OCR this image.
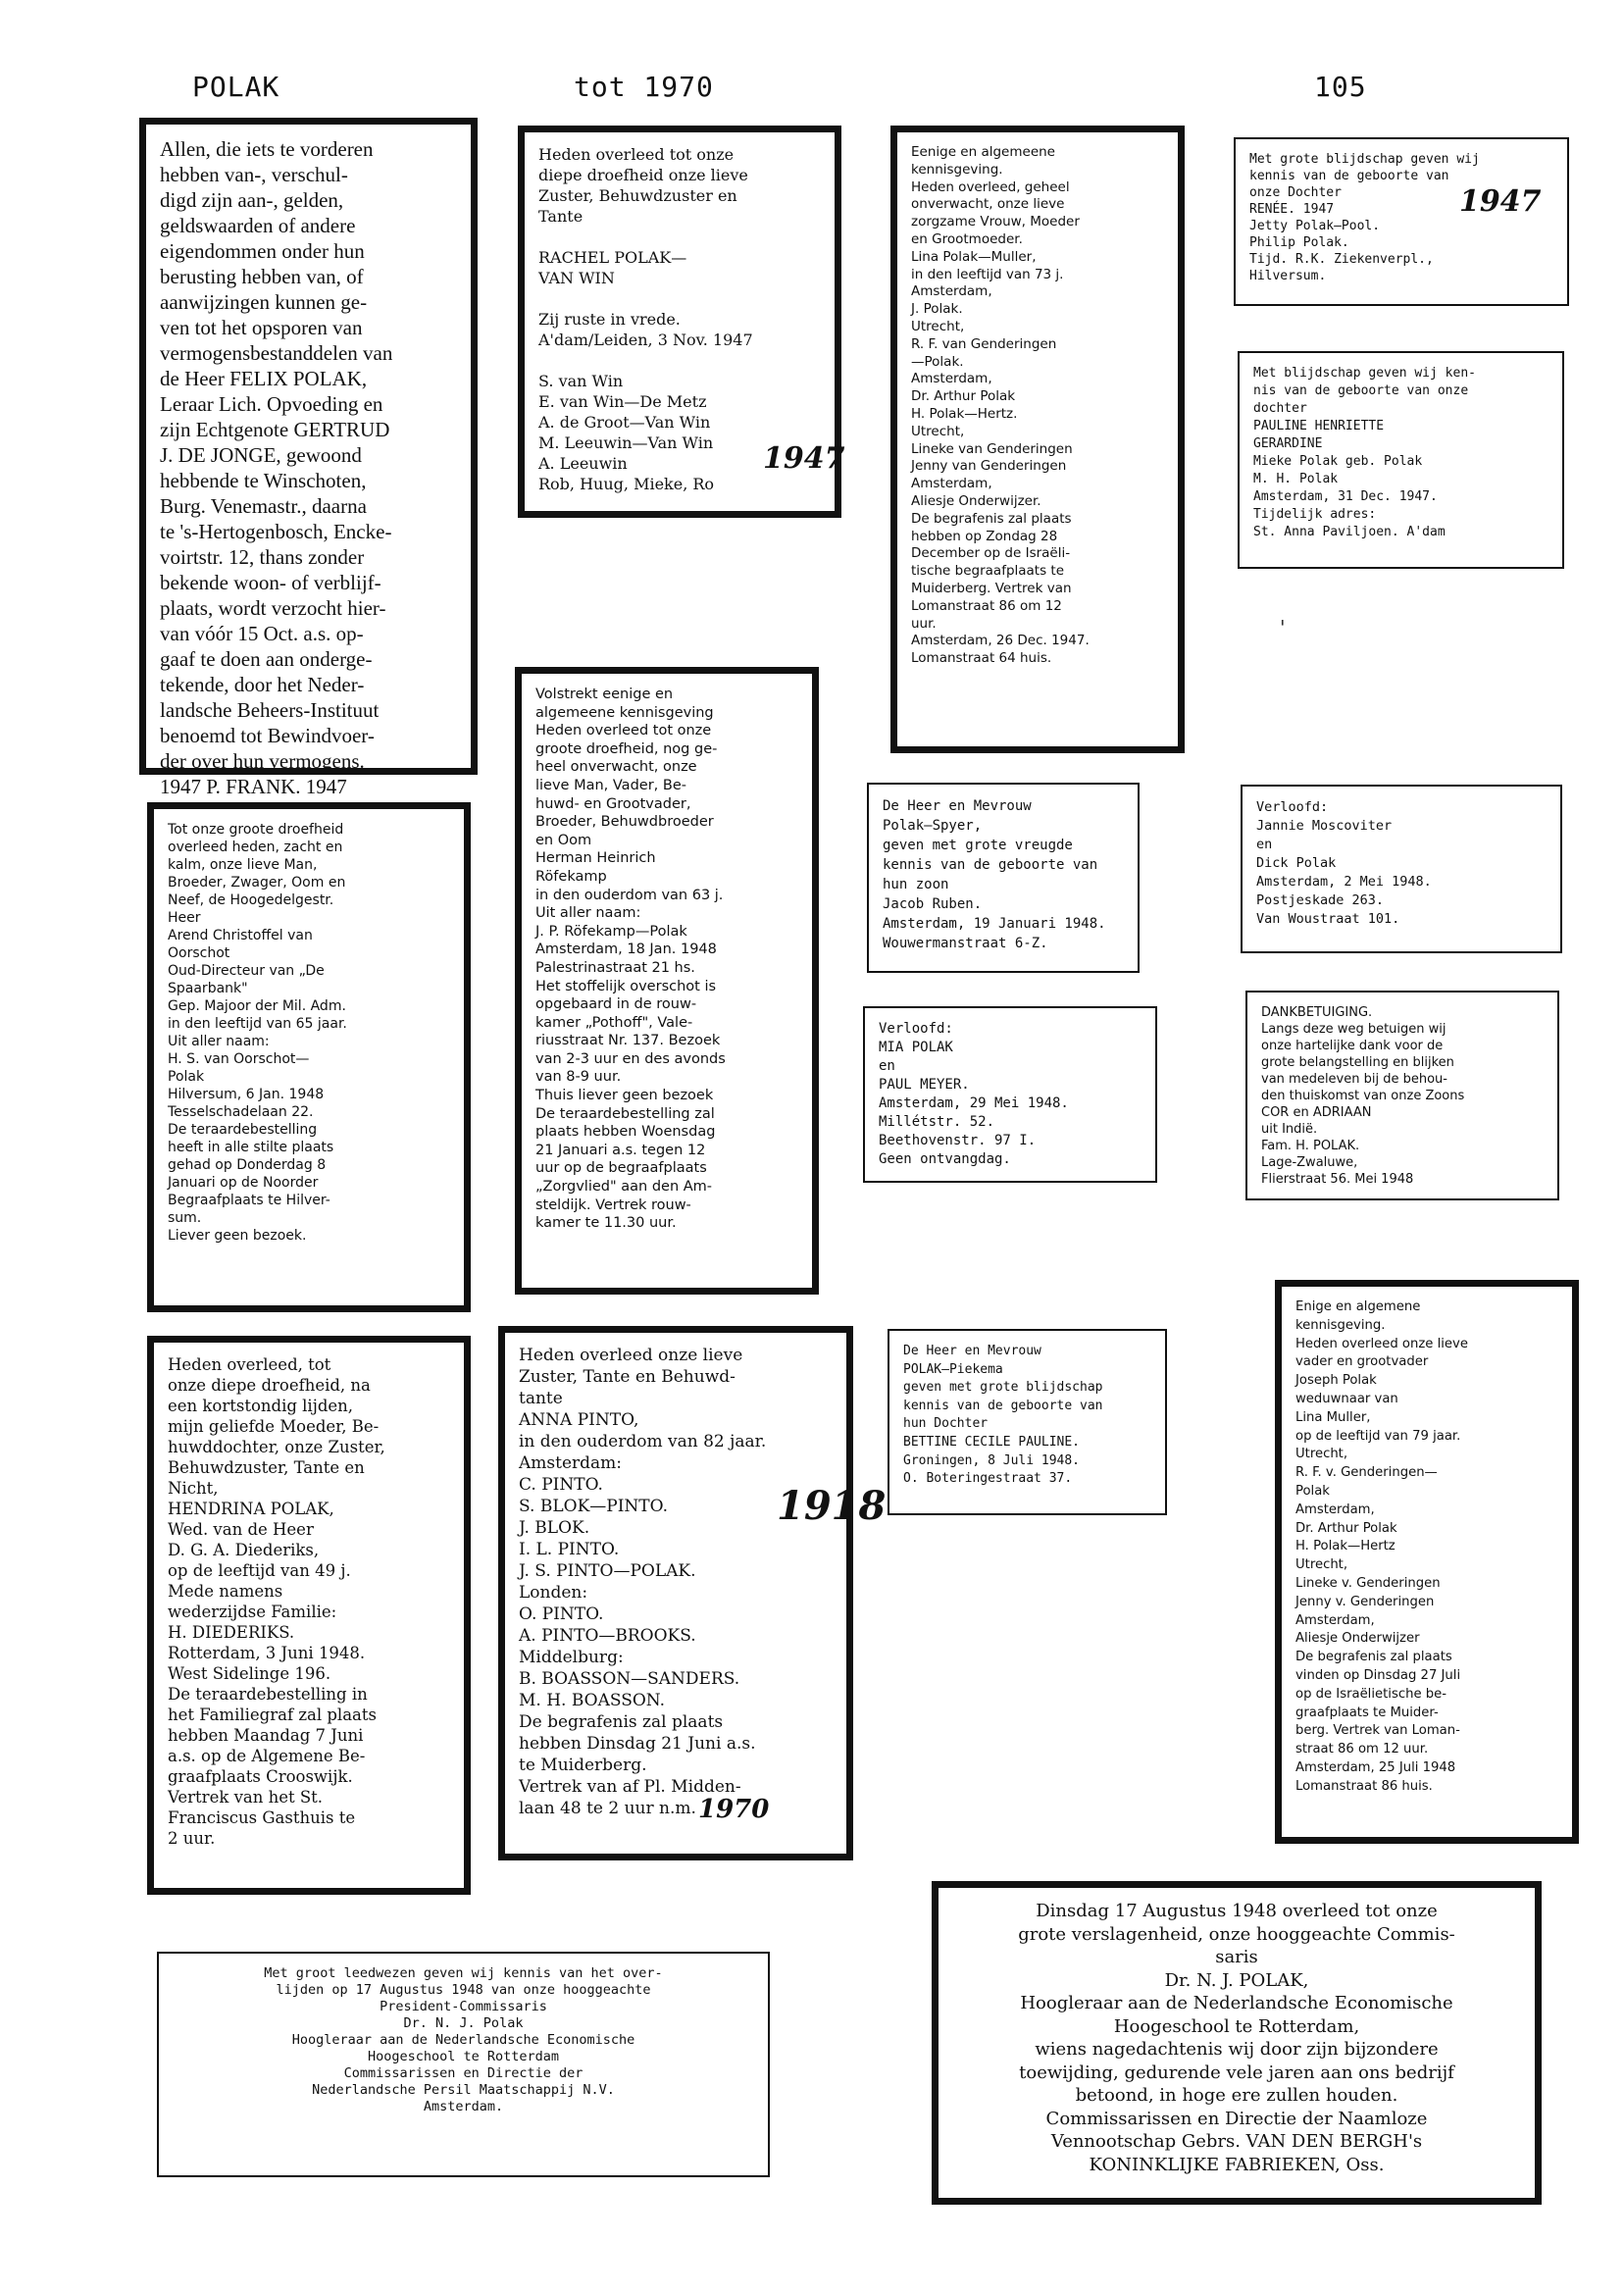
POLAK	tot 1970	105
Allen, die iets te vorderen
hebben van-, verschul-
digd zijn aan-, gelden,
geldswaarden of andere
eigendommen onder hun
berusting hebben van, of
aanwijzingen kunnen ge-
ven tot het opsporen van
vermogensbestanddelen van
de Heer FELIX POLAK,
Leraar Lich. Opvoeding en
zijn Echtgenote GERTRUD
J. DE JONGE, gewoond
hebbende te Winschoten,
Burg. Venemastr., daarna
te 's-Hertogenbosch, Encke-
voirtstr. 12, thans zonder
bekende woon- of verblijf-
plaats, wordt verzocht hier-
van vóór 15 Oct. a.s. op-
gaaf te doen aan onderge-
tekende, door het Neder-
landsche Beheers-Instituut
benoemd tot Bewindvoer-
der over hun vermogens.
1947 P. FRANK. 1947
Tot onze groote droefheid
overleed heden, zacht en
kalm, onze lieve Man,
Broeder, Zwager, Oom en
Neef, de Hoogedelgestr.
Heer
Arend Christoffel van
Oorschot
Oud-Directeur van „De
Spaarbank"
Gep. Majoor der Mil. Adm.
in den leeftijd van 65 jaar.
Uit aller naam:
H. S. van Oorschot—
Polak
Hilversum, 6 Jan. 1948
Tesselschadelaan 22.
De teraardebestelling
heeft in alle stilte plaats
gehad op Donderdag 8
Januari op de Noorder
Begraafplaats te Hilver-
sum.
Liever geen bezoek.
Heden overleed, tot
onze diepe droefheid, na
een kortstondig lijden,
mijn geliefde Moeder, Be-
huwddochter, onze Zuster,
Behuwdzuster, Tante en
Nicht,
HENDRINA POLAK,
Wed. van de Heer
D. G. A. Diederiks,
op de leeftijd van 49 j.
Mede namens
wederzijdse Familie:
H. DIEDERIKS.
Rotterdam, 3 Juni 1948.
West Sidelinge 196.
De teraardebestelling in
het Familiegraf zal plaats
hebben Maandag 7 Juni
a.s. op de Algemene Be-
graafplaats Crooswijk.
Vertrek van het St.
Franciscus Gasthuis te
2 uur.
Heden overleed tot onze
diepe droefheid onze lieve
Zuster, Behuwdzuster en
Tante

RACHEL POLAK—
VAN WIN

Zij ruste in vrede.
A'dam/Leiden, 3 Nov. 1947

S. van Win
E. van Win—De Metz
A. de Groot—Van Win
M. Leeuwin—Van Win
A. Leeuwin
Rob, Huug, Mieke, Ro
Volstrekt eenige en
algemeene kennisgeving
Heden overleed tot onze
groote droefheid, nog ge-
heel onverwacht, onze
lieve Man, Vader, Be-
huwd- en Grootvader,
Broeder, Behuwdbroeder
en Oom
Herman Heinrich
Röfekamp
in den ouderdom van 63 j.
Uit aller naam:
J. P. Röfekamp—Polak
Amsterdam, 18 Jan. 1948
Palestrinastraat 21 hs.
Het stoffelijk overschot is
opgebaard in de rouw-
kamer „Pothoff", Vale-
riusstraat Nr. 137. Bezoek
van 2-3 uur en des avonds
van 8-9 uur.
Thuis liever geen bezoek
De teraardebestelling zal
plaats hebben Woensdag
21 Januari a.s. tegen 12
uur op de begraafplaats
„Zorgvlied" aan den Am-
steldijk. Vertrek rouw-
kamer te 11.30 uur.
Heden overleed onze lieve
Zuster, Tante en Behuwd-
tante
ANNA PINTO,
in den ouderdom van 82 jaar.
Amsterdam:
C. PINTO.
S. BLOK—PINTO.
J. BLOK.
I. L. PINTO.
J. S. PINTO—POLAK.
Londen:
O. PINTO.
A. PINTO—BROOKS.
Middelburg:
B. BOASSON—SANDERS.
M. H. BOASSON.
De begrafenis zal plaats
hebben Dinsdag 21 Juni a.s.
te Muiderberg.
Vertrek van af Pl. Midden-
laan 48 te 2 uur n.m.
Met groot leedwezen geven wij kennis van het over-
lijden op 17 Augustus 1948 van onze hooggeachte
President-Commissaris
Dr. N. J. Polak
Hoogleraar aan de Nederlandsche Economische
Hoogeschool te Rotterdam
Commissarissen en Directie der
Nederlandsche Persil Maatschappij N.V.
Amsterdam.
Eenige en algemeene
kennisgeving.
Heden overleed, geheel
onverwacht, onze lieve
zorgzame Vrouw, Moeder
en Grootmoeder.
Lina Polak—Muller,
in den leeftijd van 73 j.
Amsterdam,
J. Polak.
Utrecht,
R. F. van Genderingen
—Polak.
Amsterdam,
Dr. Arthur Polak
H. Polak—Hertz.
Utrecht,
Lineke van Genderingen
Jenny van Genderingen
Amsterdam,
Aliesje Onderwijzer.
De begrafenis zal plaats
hebben op Zondag 28
December op de Israëli-
tische begraafplaats te
Muiderberg. Vertrek van
Lomanstraat 86 om 12
uur.
Amsterdam, 26 Dec. 1947.
Lomanstraat 64 huis.
De Heer en Mevrouw
Polak—Spyer,
geven met grote vreugde
kennis van de geboorte van
hun zoon
Jacob Ruben.
Amsterdam, 19 Januari 1948.
Wouwermanstraat 6-Z.
Verloofd:
MIA POLAK
en
PAUL MEYER.
Amsterdam, 29 Mei 1948.
Millétstr. 52.
Beethovenstr. 97 I.
Geen ontvangdag.
De Heer en Mevrouw
POLAK—Piekema
geven met grote blijdschap
kennis van de geboorte van
hun Dochter
BETTINE CECILE PAULINE.
Groningen, 8 Juli 1948.
O. Boteringestraat 37.
Met grote blijdschap geven wij
kennis van de geboorte van
onze Dochter
RENÉE. 1947
Jetty Polak—Pool.
Philip Polak.
Tijd. R.K. Ziekenverpl.,
Hilversum.
Met blijdschap geven wij ken-
nis van de geboorte van onze
dochter
PAULINE HENRIETTE
GERARDINE
Mieke Polak geb. Polak
M. H. Polak
Amsterdam, 31 Dec. 1947.
Tijdelijk adres:
St. Anna Paviljoen. A'dam
Verloofd:
Jannie Moscoviter
en
Dick Polak
Amsterdam, 2 Mei 1948.
Postjeskade 263.
Van Woustraat 101.
DANKBETUIGING.
Langs deze weg betuigen wij
onze hartelijke dank voor de
grote belangstelling en blijken
van medeleven bij de behou-
den thuiskomst van onze Zoons
COR en ADRIAAN
uit Indië.
Fam. H. POLAK.
Lage-Zwaluwe,
Flierstraat 56. Mei 1948
Enige en algemene
kennisgeving.
Heden overleed onze lieve
vader en grootvader
Joseph Polak
weduwnaar van
Lina Muller,
op de leeftijd van 79 jaar.
Utrecht,
R. F. v. Genderingen—
Polak
Amsterdam,
Dr. Arthur Polak
H. Polak—Hertz
Utrecht,
Lineke v. Genderingen
Jenny v. Genderingen
Amsterdam,
Aliesje Onderwijzer
De begrafenis zal plaats
vinden op Dinsdag 27 Juli
op de Israëlietische be-
graafplaats te Muider-
berg. Vertrek van Loman-
straat 86 om 12 uur.
Amsterdam, 25 Juli 1948
Lomanstraat 86 huis.
Dinsdag 17 Augustus 1948 overleed tot onze
grote verslagenheid, onze hooggeachte Commis-
saris
Dr. N. J. POLAK,
Hoogleraar aan de Nederlandsche Economische
Hoogeschool te Rotterdam,
wiens nagedachtenis wij door zijn bijzondere
toewijding, gedurende vele jaren aan ons bedrijf
betoond, in hoge ere zullen houden.
Commissarissen en Directie der Naamloze
Vennootschap Gebrs. VAN DEN BERGH's
KONINKLIJKE FABRIEKEN, Oss.
1947
1918
1970
1947
'
